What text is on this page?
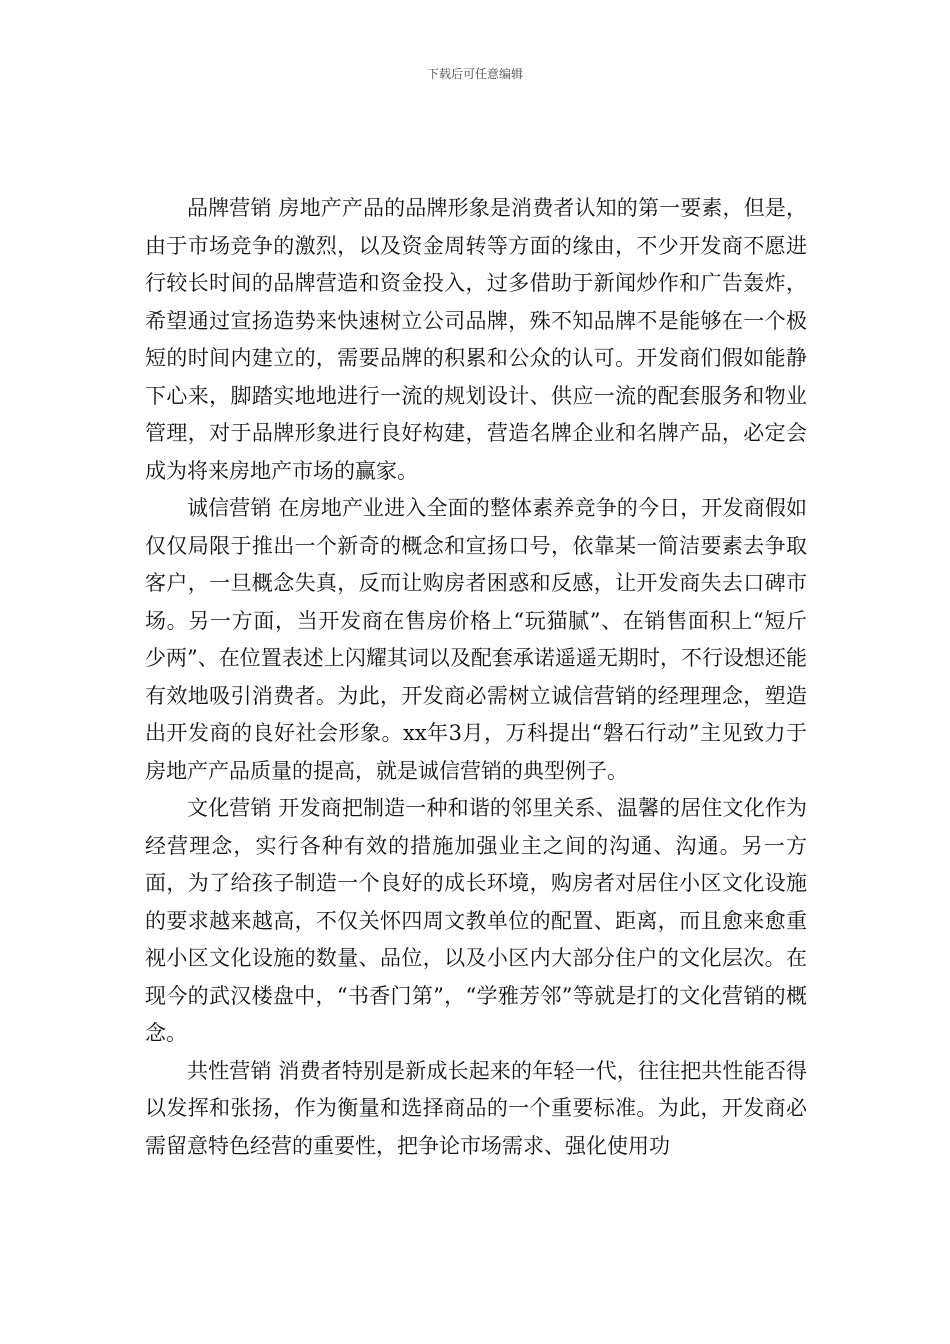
下载后可任意编辑

品牌营销 房地产产品的品牌形象是消费者认知的第一要素，但是，由于市场竞争的激烈，以及资金周转等方面的缘由，不少开发商不愿进行较长时间的品牌营造和资金投入，过多借助于新闻炒作和广告轰炸，希望通过宣扬造势来快速树立公司品牌，殊不知品牌不是能够在一个极短的时间内建立的，需要品牌的积累和公众的认可。开发商们假如能静下心来，脚踏实地地进行一流的规划设计、供应一流的配套服务和物业管理，对于品牌形象进行良好构建，营造名牌企业和名牌产品，必定会成为将来房地产市场的赢家。

诚信营销 在房地产业进入全面的整体素养竞争的今日，开发商假如仅仅局限于推出一个新奇的概念和宣扬口号，依靠某一简洁要素去争取客户，一旦概念失真，反而让购房者困惑和反感，让开发商失去口碑市场。另一方面，当开发商在售房价格上“玩猫腻”、在销售面积上“短斤少两”、在位置表述上闪耀其词以及配套承诺遥遥无期时，不行设想还能有效地吸引消费者。为此，开发商必需树立诚信营销的经理理念，塑造出开发商的良好社会形象。xx年3月，万科提出“磐石行动”主见致力于房地产产品质量的提高，就是诚信营销的典型例子。

文化营销 开发商把制造一种和谐的邻里关系、温馨的居住文化作为经营理念，实行各种有效的措施加强业主之间的沟通、沟通。另一方面，为了给孩子制造一个良好的成长环境，购房者对居住小区文化设施的要求越来越高，不仅关怀四周文教单位的配置、距离，而且愈来愈重视小区文化设施的数量、品位，以及小区内大部分住户的文化层次。在现今的武汉楼盘中，“书香门第”，“学雅芳邻”等就是打的文化营销的概念。

共性营销 消费者特别是新成长起来的年轻一代，往往把共性能否得以发挥和张扬，作为衡量和选择商品的一个重要标准。为此，开发商必需留意特色经营的重要性，把争论市场需求、强化使用功
